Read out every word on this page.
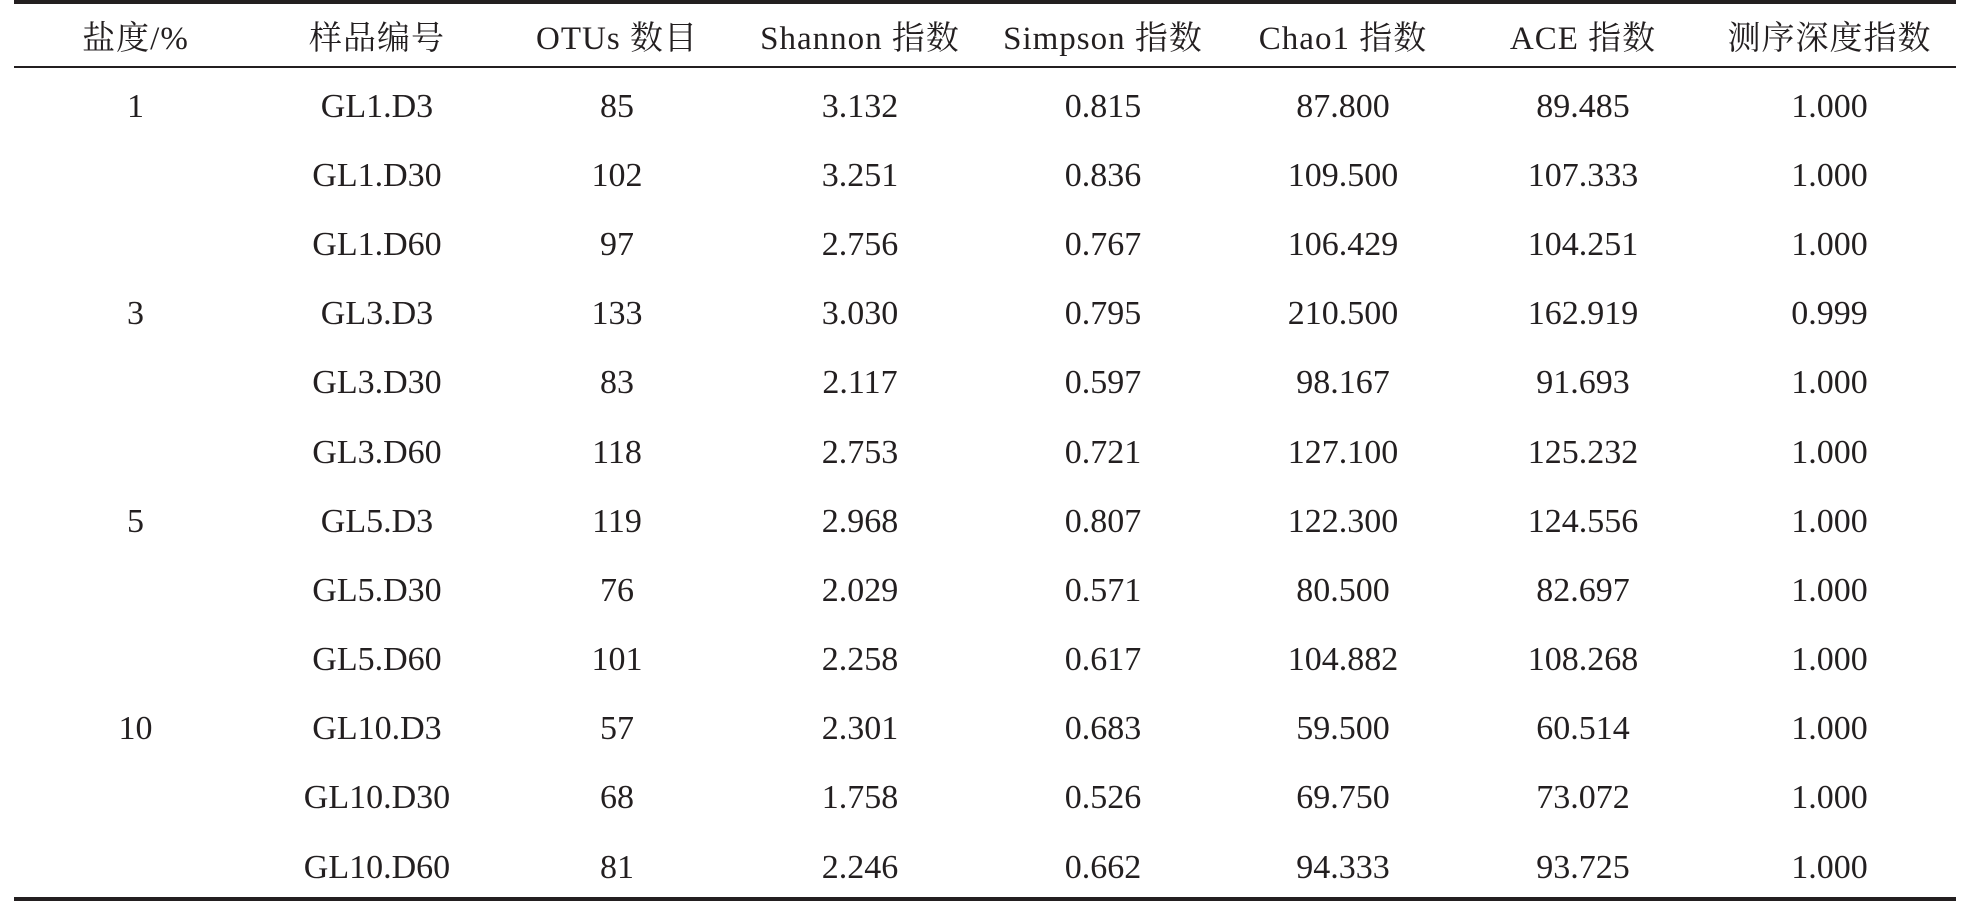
盐度/%	样品编号	OTUs 数目	Shannon 指数	Simpson 指数	Chao1 指数	ACE 指数	测序深度指数
1	GL1.D3	85	3.132	0.815	87.800	89.485	1.000
	GL1.D30	102	3.251	0.836	109.500	107.333	1.000
	GL1.D60	97	2.756	0.767	106.429	104.251	1.000
3	GL3.D3	133	3.030	0.795	210.500	162.919	0.999
	GL3.D30	83	2.117	0.597	98.167	91.693	1.000
	GL3.D60	118	2.753	0.721	127.100	125.232	1.000
5	GL5.D3	119	2.968	0.807	122.300	124.556	1.000
	GL5.D30	76	2.029	0.571	80.500	82.697	1.000
	GL5.D60	101	2.258	0.617	104.882	108.268	1.000
10	GL10.D3	57	2.301	0.683	59.500	60.514	1.000
	GL10.D30	68	1.758	0.526	69.750	73.072	1.000
	GL10.D60	81	2.246	0.662	94.333	93.725	1.000
